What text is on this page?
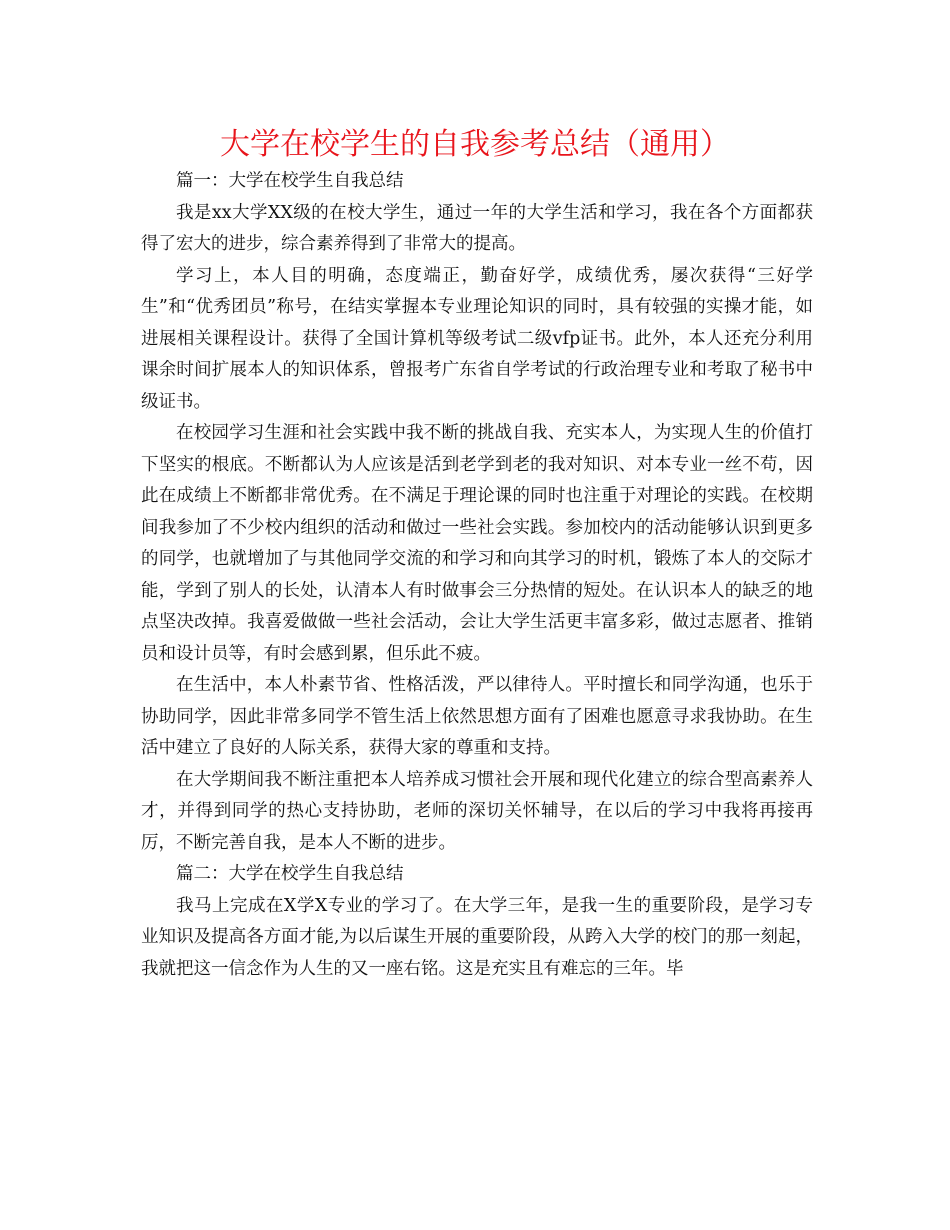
大学在校学生的自我参考总结（通用）

篇一：大学在校学生自我总结

我是xx大学XX级的在校大学生，通过一年的大学生活和学习，我在各个方面都获得了宏大的进步，综合素养得到了非常大的提高。

学习上，本人目的明确，态度端正，勤奋好学，成绩优秀，屡次获得“三好学生”和“优秀团员”称号，在结实掌握本专业理论知识的同时，具有较强的实操才能，如进展相关课程设计。获得了全国计算机等级考试二级vfp证书。此外，本人还充分利用课余时间扩展本人的知识体系，曾报考广东省自学考试的行政治理专业和考取了秘书中级证书。

在校园学习生涯和社会实践中我不断的挑战自我、充实本人，为实现人生的价值打下坚实的根底。不断都认为人应该是活到老学到老的我对知识、对本专业一丝不苟，因此在成绩上不断都非常优秀。在不满足于理论课的同时也注重于对理论的实践。在校期间我参加了不少校内组织的活动和做过一些社会实践。参加校内的活动能够认识到更多的同学，也就增加了与其他同学交流的和学习和向其学习的时机，锻炼了本人的交际才能，学到了别人的长处，认清本人有时做事会三分热情的短处。在认识本人的缺乏的地点坚决改掉。我喜爱做做一些社会活动，会让大学生活更丰富多彩，做过志愿者、推销员和设计员等，有时会感到累，但乐此不疲。

在生活中，本人朴素节省、性格活泼，严以律待人。平时擅长和同学沟通，也乐于协助同学，因此非常多同学不管生活上依然思想方面有了困难也愿意寻求我协助。在生活中建立了良好的人际关系，获得大家的尊重和支持。

在大学期间我不断注重把本人培养成习惯社会开展和现代化建立的综合型高素养人才，并得到同学的热心支持协助，老师的深切关怀辅导，在以后的学习中我将再接再厉，不断完善自我，是本人不断的进步。

篇二：大学在校学生自我总结

我马上完成在X学X专业的学习了。在大学三年，是我一生的重要阶段，是学习专业知识及提高各方面才能,为以后谋生开展的重要阶段，从跨入大学的校门的那一刻起，我就把这一信念作为人生的又一座右铭。这是充实且有难忘的三年。毕
